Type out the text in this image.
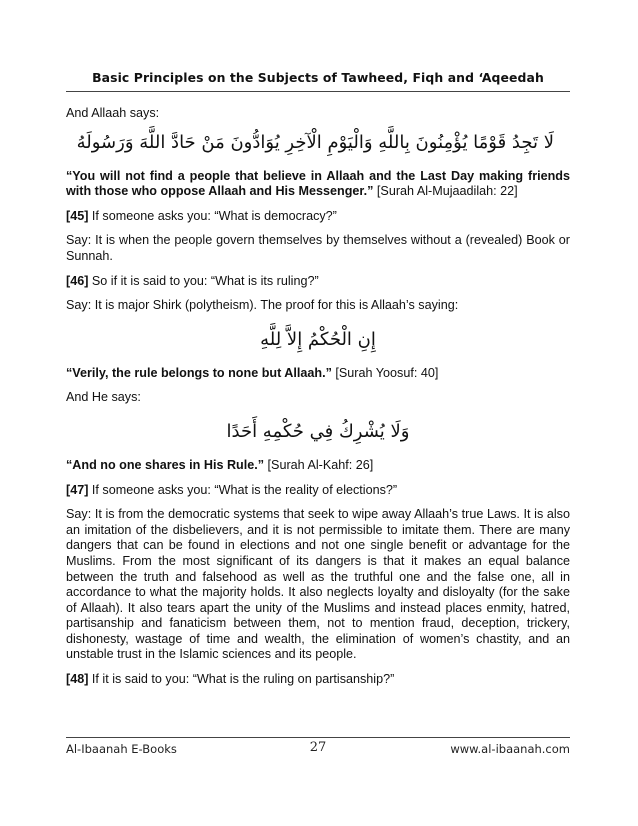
Basic Principles on the Subjects of Tawheed, Fiqh and ‘Aqeedah

And Allaah says:

لَا تَجِدُ قَوْمًا يُؤْمِنُونَ بِاللَّهِ وَالْيَوْمِ الْآخِرِ يُوَادُّونَ مَنْ حَادَّ اللَّهَ وَرَسُولَهُ

“You will not find a people that believe in Allaah and the Last Day making friends with those who oppose Allaah and His Messenger.” [Surah Al-Mujaadilah: 22]

[45] If someone asks you: “What is democracy?”

Say: It is when the people govern themselves by themselves without a (revealed) Book or Sunnah.

[46] So if it is said to you: “What is its ruling?”

Say: It is major Shirk (polytheism). The proof for this is Allaah’s saying:

إِنِ الْحُكْمُ إِلاَّ لِلَّهِ

“Verily, the rule belongs to none but Allaah.” [Surah Yoosuf: 40]

And He says:

وَلَا يُشْرِكُ فِي حُكْمِهِ أَحَدًا

“And no one shares in His Rule.” [Surah Al-Kahf: 26]

[47] If someone asks you: “What is the reality of elections?”

Say: It is from the democratic systems that seek to wipe away Allaah’s true Laws. It is also an imitation of the disbelievers, and it is not permissible to imitate them. There are many dangers that can be found in elections and not one single benefit or advantage for the Muslims. From the most significant of its dangers is that it makes an equal balance between the truth and falsehood as well as the truthful one and the false one, all in accordance to what the majority holds. It also neglects loyalty and disloyalty (for the sake of Allaah). It also tears apart the unity of the Muslims and instead places enmity, hatred, partisanship and fanaticism between them, not to mention fraud, deception, trickery, dishonesty, wastage of time and wealth, the elimination of women’s chastity, and an unstable trust in the Islamic sciences and its people.

[48] If it is said to you: “What is the ruling on partisanship?”

Al-Ibaanah E-Books	27	www.al-ibaanah.com
